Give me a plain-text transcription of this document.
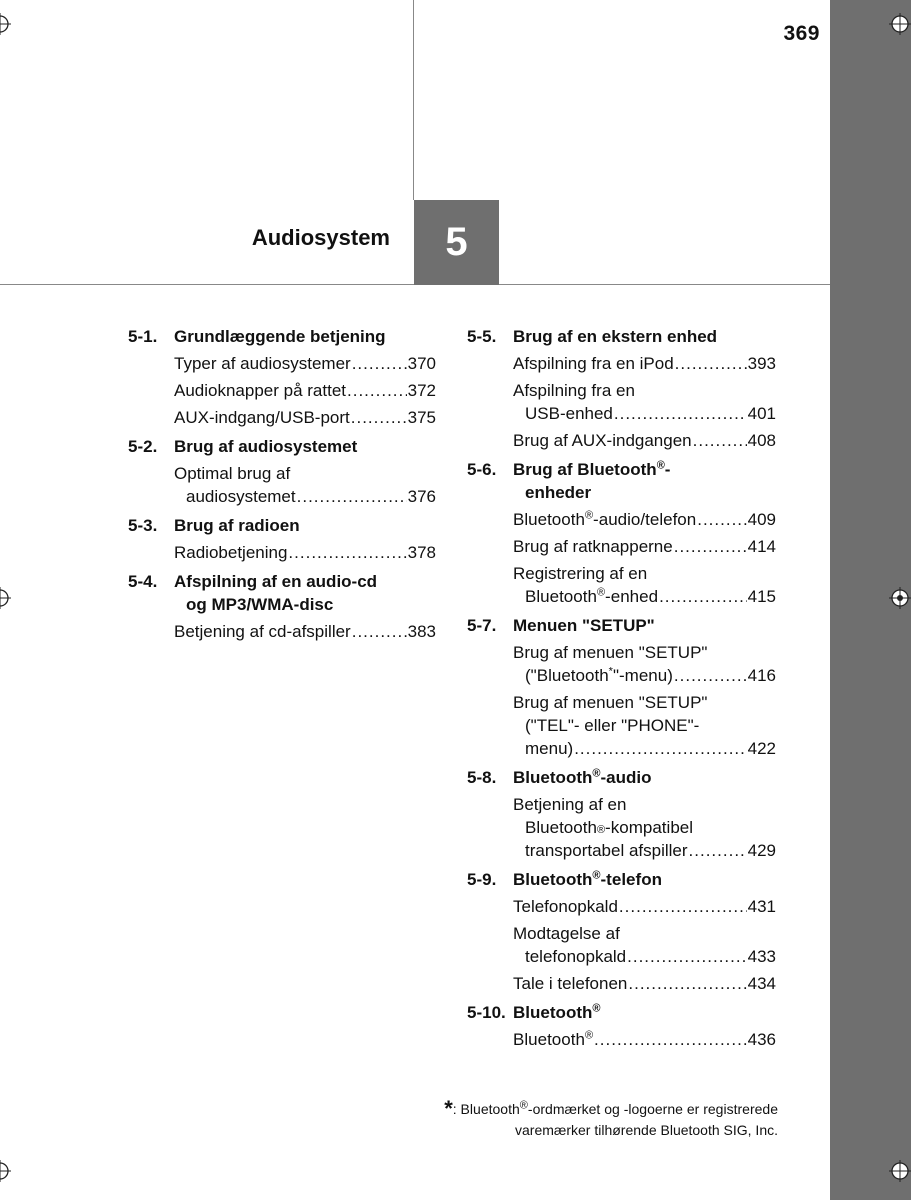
369
Audiosystem 5
5-1. Grundlæggende betjening
Typer af audiosystemer .....	370
Audioknapper på rattet .....	372
AUX-indgang/USB-port .....	375
5-2. Brug af audiosystemet
Optimal brug af
audiosystemet .....	376
5-3. Brug af radioen
Radiobetjening .....	378
5-4. Afspilning af en audio-cd
og MP3/WMA-disc
Betjening af cd-afspiller .....	383
5-5. Brug af en ekstern enhed
Afspilning fra en iPod .....	393
Afspilning fra en
USB-enhed .....	401
Brug af AUX-indgangen .....	408
5-6. Brug af Bluetooth®-
enheder
Bluetooth®-audio/telefon .....	409
Brug af ratknapperne .....	414
Registrering af en
Bluetooth®-enhed .....	415
5-7. Menuen "SETUP"
Brug af menuen "SETUP"
("Bluetooth*"-menu) .....	416
Brug af menuen "SETUP"
("TEL"- eller "PHONE"-
menu) .....	422
5-8. Bluetooth®-audio
Betjening af en
Bluetooth ® -kompatibel
transportabel afspiller .....	429
5-9. Bluetooth®-telefon
Telefonopkald .....	431
Modtagelse af
telefonopkald .....	433
Tale i telefonen .....	434
5-10. Bluetooth®
Bluetooth® .....	436
*: Bluetooth®-ordmærket og -logoerne er registrerede
varemærker tilhørende Bluetooth SIG, Inc.
